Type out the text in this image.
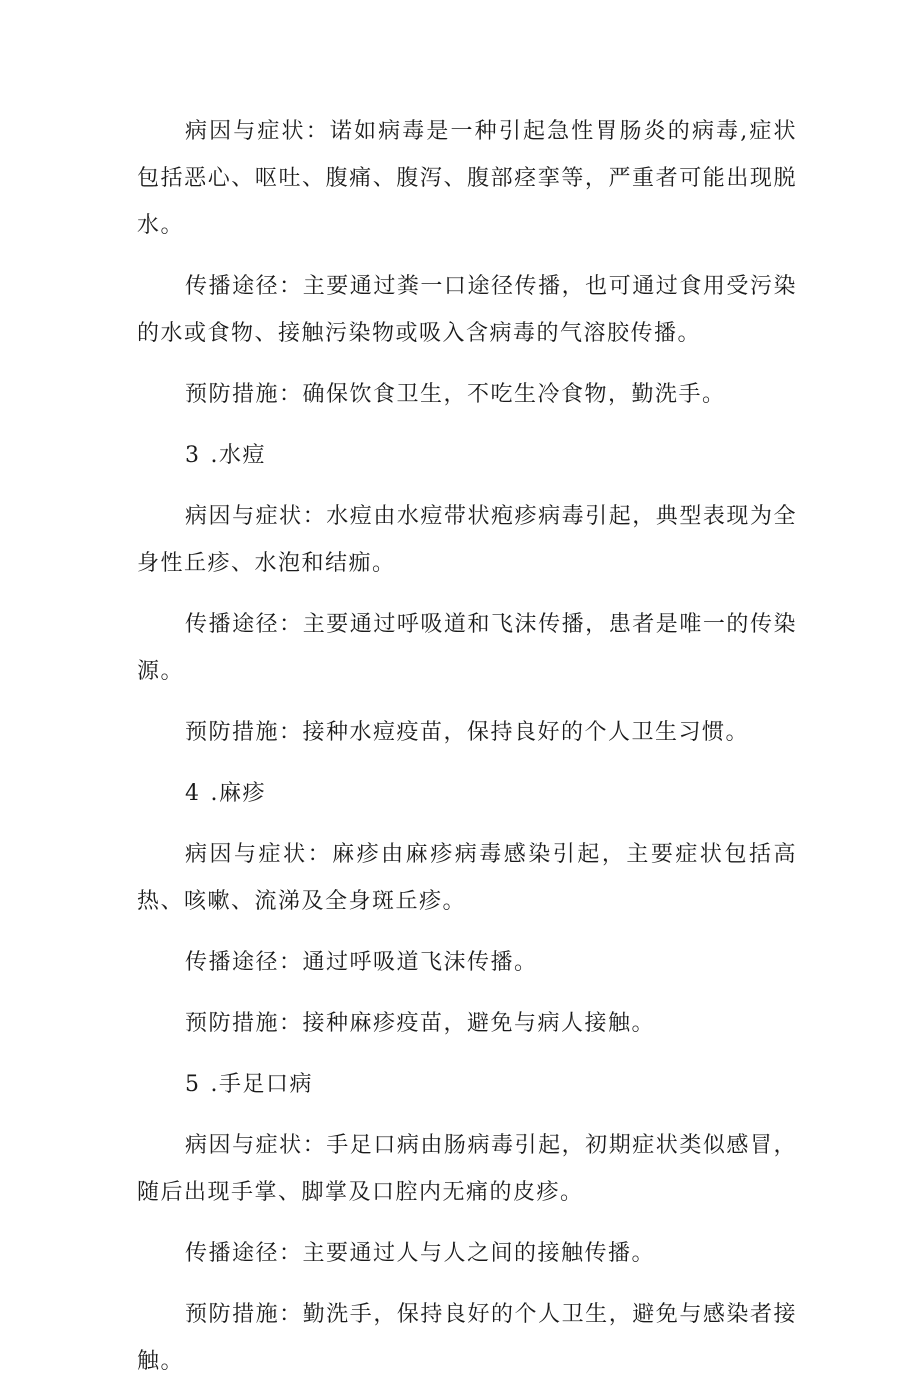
病因与症状：诺如病毒是一种引起急性胃肠炎的病毒,症状包括恶心、呕吐、腹痛、腹泻、腹部痉挛等，严重者可能出现脱水。

传播途径：主要通过粪一口途径传播，也可通过食用受污染的水或食物、接触污染物或吸入含病毒的气溶胶传播。

预防措施：确保饮食卫生，不吃生冷食物，勤洗手。

3 .水痘

病因与症状：水痘由水痘带状疱疹病毒引起，典型表现为全身性丘疹、水泡和结痂。

传播途径：主要通过呼吸道和飞沫传播，患者是唯一的传染源。

预防措施：接种水痘疫苗，保持良好的个人卫生习惯。

4 .麻疹

病因与症状：麻疹由麻疹病毒感染引起，主要症状包括高热、咳嗽、流涕及全身斑丘疹。

传播途径：通过呼吸道飞沫传播。

预防措施：接种麻疹疫苗，避免与病人接触。

5 .手足口病

病因与症状：手足口病由肠病毒引起，初期症状类似感冒，随后出现手掌、脚掌及口腔内无痛的皮疹。

传播途径：主要通过人与人之间的接触传播。

预防措施：勤洗手，保持良好的个人卫生，避免与感染者接触。
